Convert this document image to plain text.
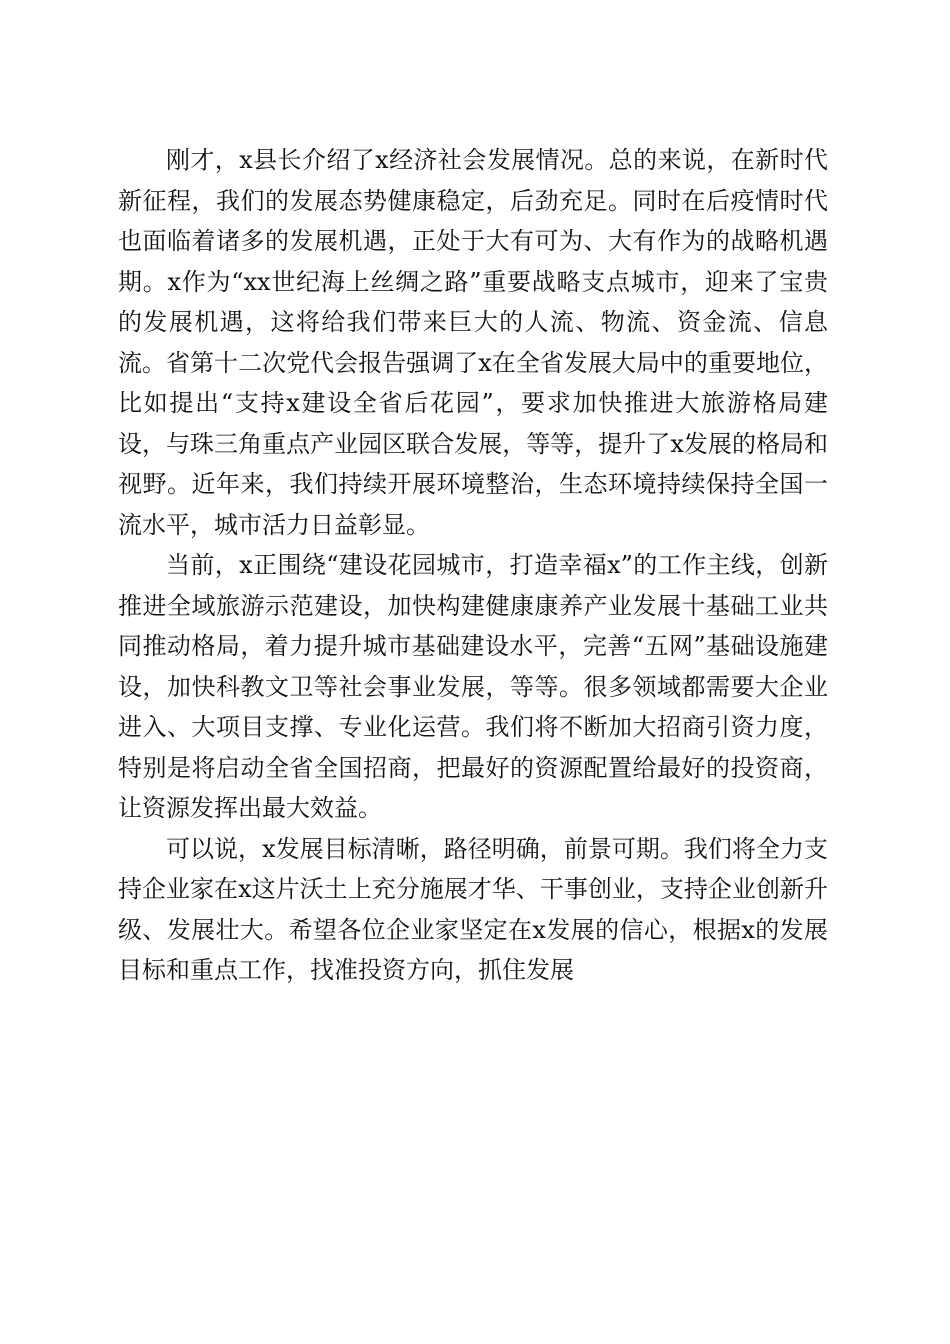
刚才，x县长介绍了x经济社会发展情况。总的来说，在新时代新征程，我们的发展态势健康稳定，后劲充足。同时在后疫情时代也面临着诸多的发展机遇，正处于大有可为、大有作为的战略机遇期。x作为“xx世纪海上丝绸之路”重要战略支点城市，迎来了宝贵的发展机遇，这将给我们带来巨大的人流、物流、资金流、信息流。省第十二次党代会报告强调了x在全省发展大局中的重要地位，比如提出“支持x建设全省后花园”，要求加快推进大旅游格局建设，与珠三角重点产业园区联合发展，等等，提升了x发展的格局和视野。近年来，我们持续开展环境整治，生态环境持续保持全国一流水平，城市活力日益彰显。

当前，x正围绕“建设花园城市，打造幸福x”的工作主线，创新推进全域旅游示范建设，加快构建健康康养产业发展十基础工业共同推动格局，着力提升城市基础建设水平，完善“五网”基础设施建设，加快科教文卫等社会事业发展，等等。很多领域都需要大企业进入、大项目支撑、专业化运营。我们将不断加大招商引资力度，特别是将启动全省全国招商，把最好的资源配置给最好的投资商，让资源发挥出最大效益。

可以说，x发展目标清晰，路径明确，前景可期。我们将全力支持企业家在x这片沃土上充分施展才华、干事创业，支持企业创新升级、发展壮大。希望各位企业家坚定在x发展的信心，根据x的发展目标和重点工作，找准投资方向，抓住发展
